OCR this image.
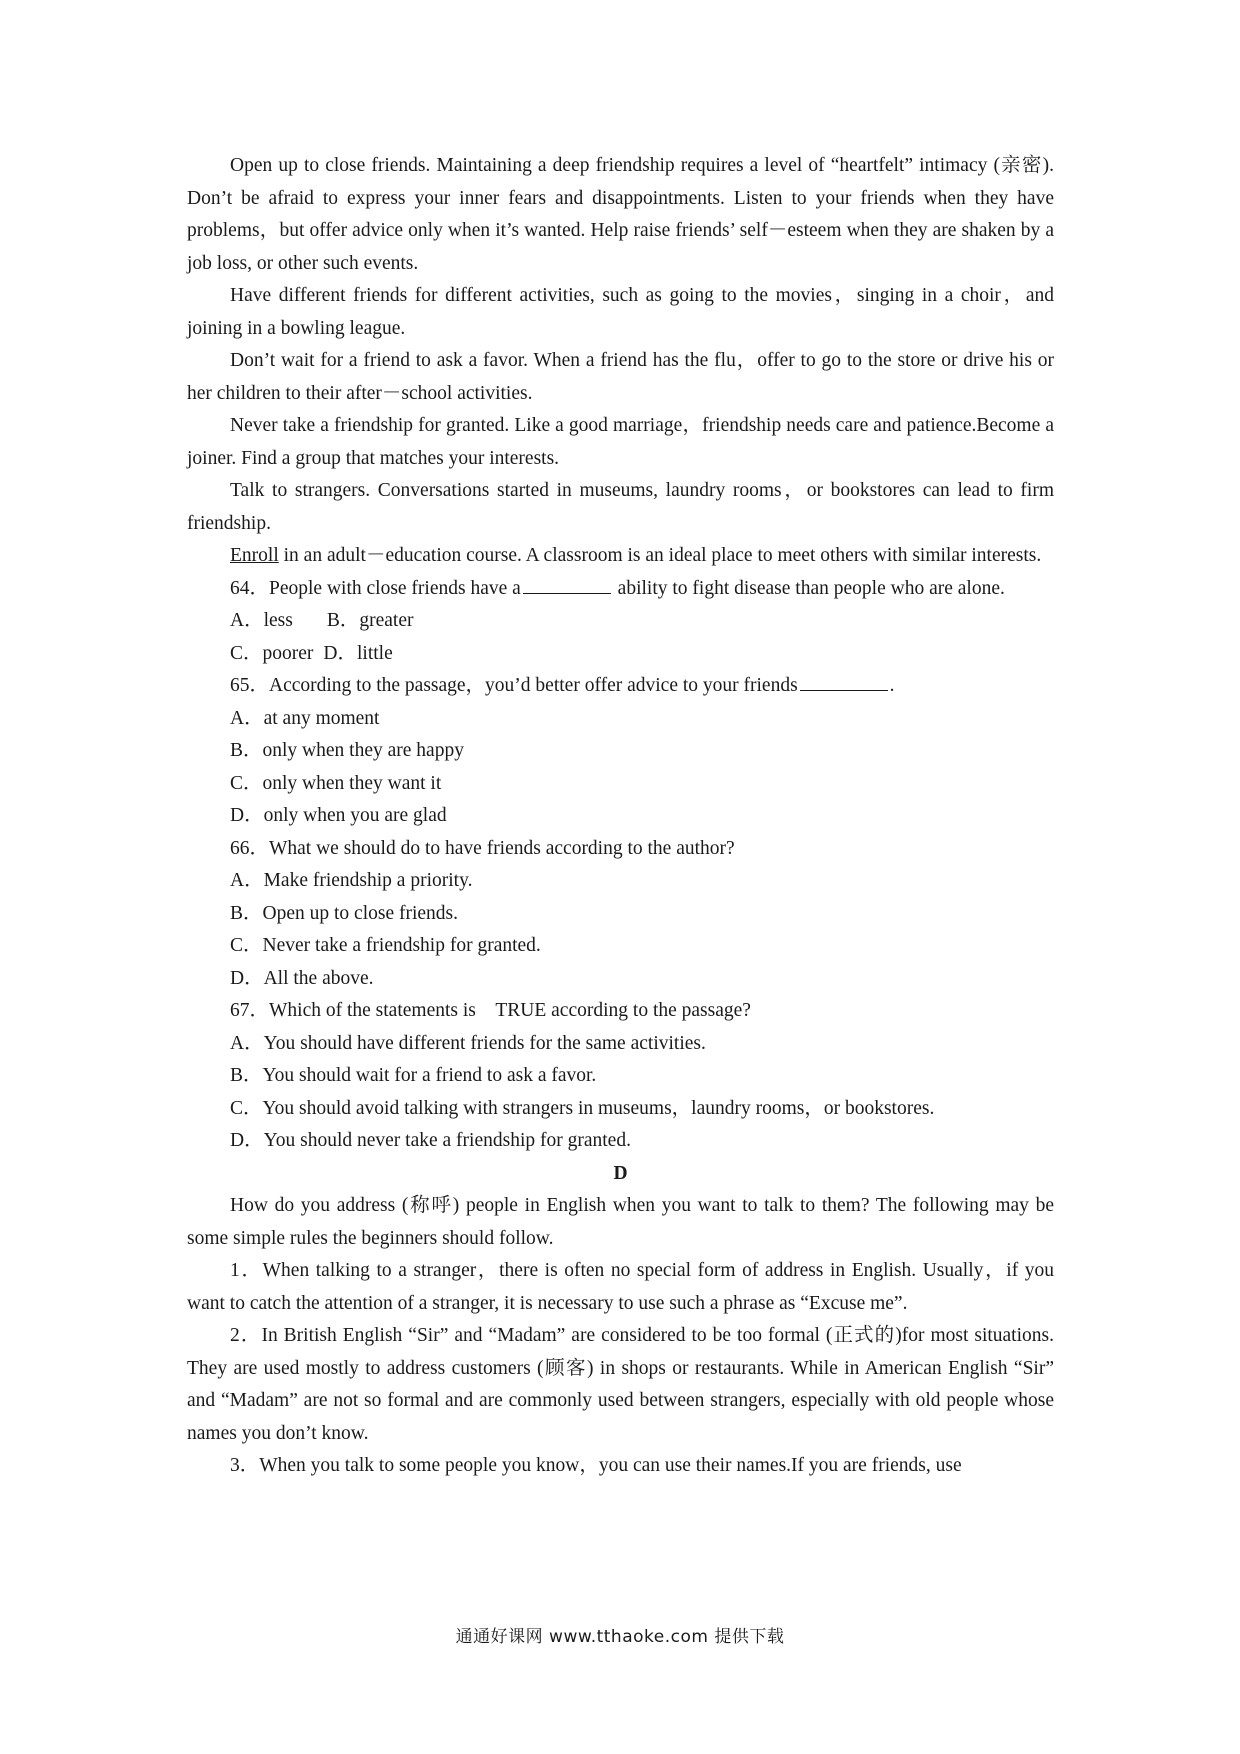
Open up to close friends. Maintaining a deep friendship requires a level of “heartfelt” intimacy (亲密). Don’t be afraid to express your inner fears and disappointments. Listen to your friends when they have problems，but offer advice only when it’s wanted. Help raise friends’ self－esteem when they are shaken by a job loss, or other such events.

Have different friends for different activities, such as going to the movies，singing in a choir，and joining in a bowling league.

Don’t wait for a friend to ask a favor. When a friend has the flu，offer to go to the store or drive his or her children to their after－school activities.

Never take a friendship for granted. Like a good marriage，friendship needs care and patience.Become a joiner. Find a group that matches your interests.

Talk to strangers. Conversations started in museums, laundry rooms，or bookstores can lead to firm friendship.

Enroll in an adult－education course. A classroom is an ideal place to meet others with similar interests.

64．People with close friends have a	ability to fight disease than people who are alone.

A．less B．greater

C．poorer D．little

65．According to the passage，you’d better offer advice to your friends	.

A．at any moment

B．only when they are happy

C．only when they want it

D．only when you are glad

66．What we should do to have friends according to the author?

A．Make friendship a priority.

B．Open up to close friends.

C．Never take a friendship for granted.

D．All the above.

67．Which of the statements is　TRUE according to the passage?

A．You should have different friends for the same activities.

B．You should wait for a friend to ask a favor.

C．You should avoid talking with strangers in museums，laundry rooms，or bookstores.

D．You should never take a friendship for granted.

D

How do you address (称呼) people in English when you want to talk to them? The following may be some simple rules the beginners should follow.

1．When talking to a stranger，there is often no special form of address in English. Usually，if you want to catch the attention of a stranger, it is necessary to use such a phrase as “Excuse me”.

2．In British English “Sir” and “Madam” are considered to be too formal (正式的)for most situations. They are used mostly to address customers (顾客) in shops or restaurants. While in American English “Sir” and “Madam” are not so formal and are commonly used between strangers, especially with old people whose names you don’t know.

3．When you talk to some people you know，you can use their names.If you are friends, use

通通好课网 www.tthaoke.com 提供下载
